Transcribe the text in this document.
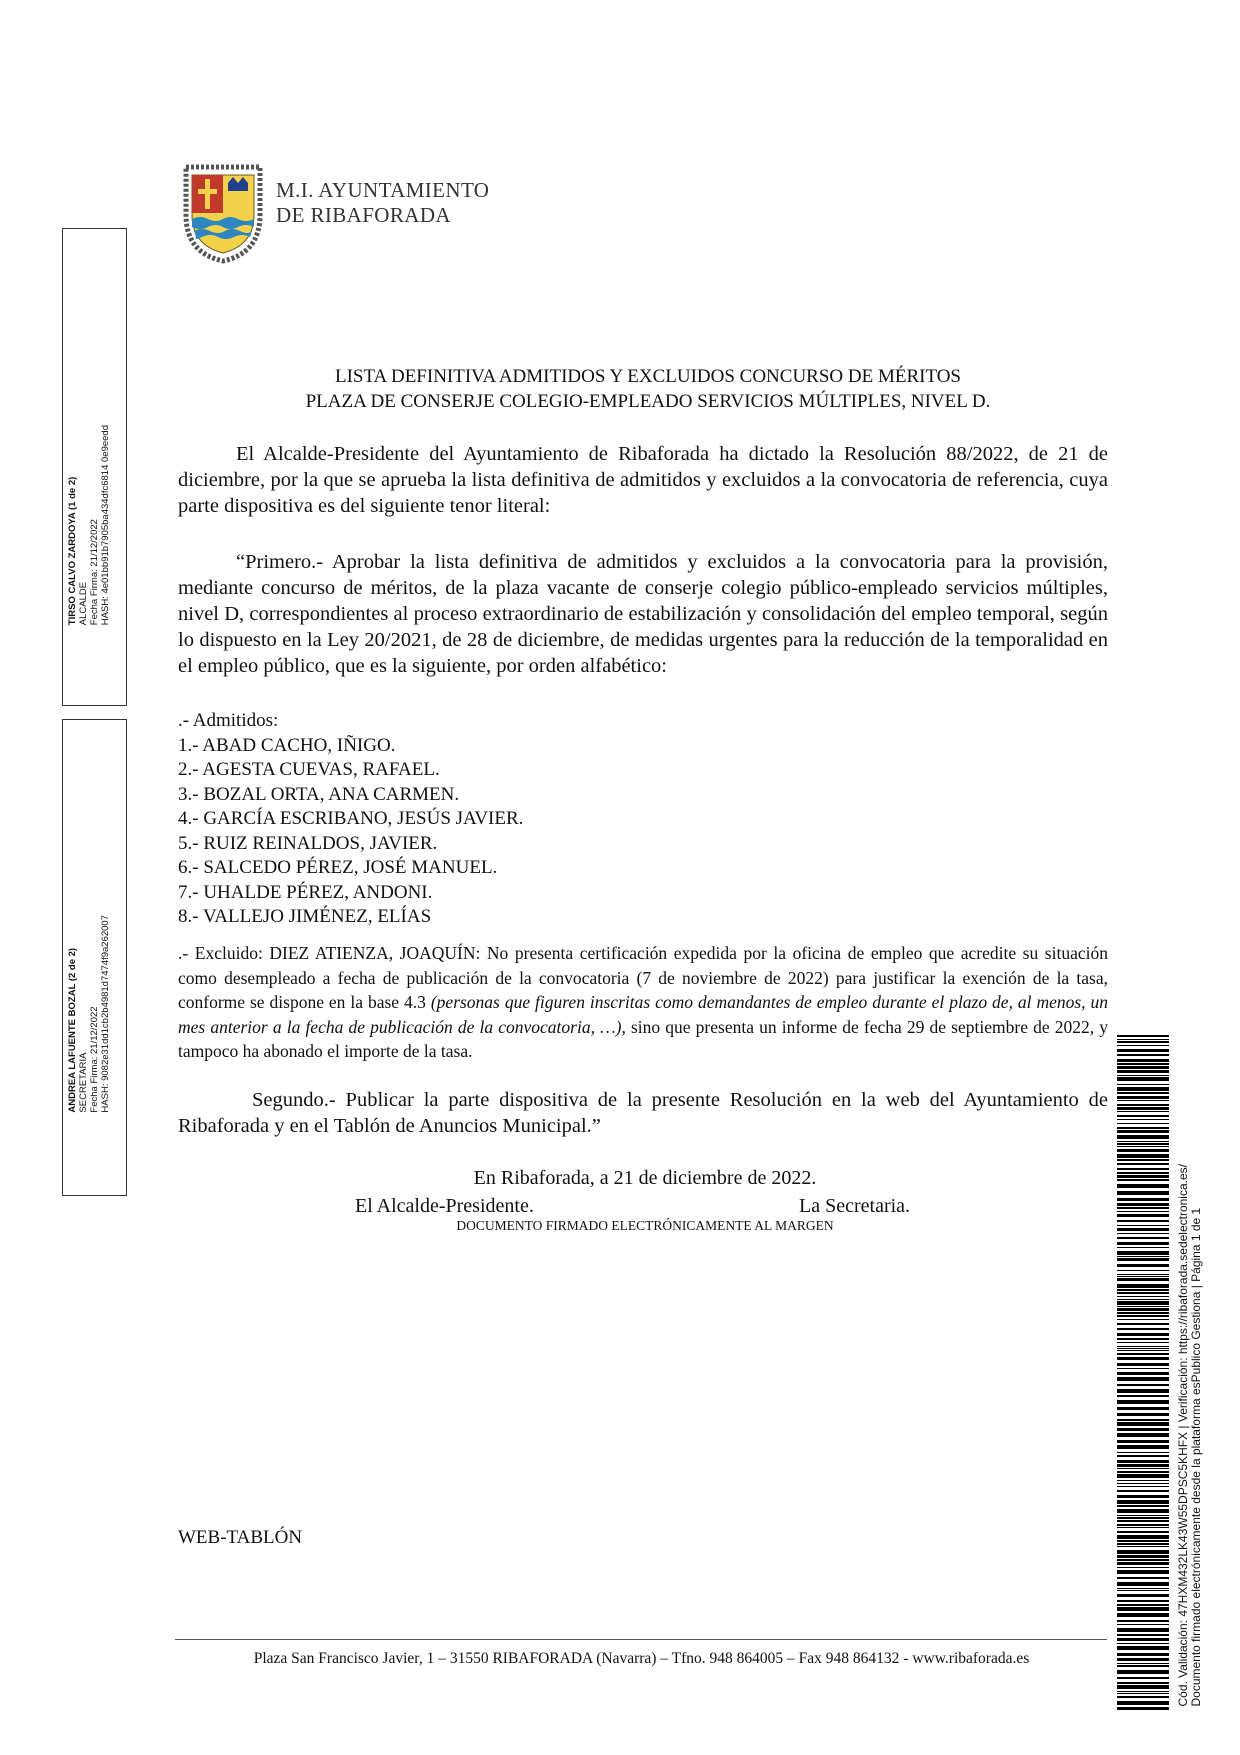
M.I. AYUNTAMIENTO
DE RIBAFORADA
LISTA DEFINITIVA ADMITIDOS Y EXCLUIDOS CONCURSO DE MÉRITOS
PLAZA DE CONSERJE COLEGIO-EMPLEADO SERVICIOS MÚLTIPLES, NIVEL D.
El Alcalde-Presidente del Ayuntamiento de Ribaforada ha dictado la Resolución 88/2022, de 21 de diciembre, por la que se aprueba la lista definitiva de admitidos y excluidos a la convocatoria de referencia, cuya parte dispositiva es del siguiente tenor literal:
“Primero.- Aprobar la lista definitiva de admitidos y excluidos a la convocatoria para la provisión, mediante concurso de méritos, de la plaza vacante de conserje colegio público-empleado servicios múltiples, nivel D, correspondientes al proceso extraordinario de estabilización y consolidación del empleo temporal, según lo dispuesto en la Ley 20/2021, de 28 de diciembre, de medidas urgentes para la reducción de la temporalidad en el empleo público, que es la siguiente, por orden alfabético:
.- Admitidos:
1.- ABAD CACHO, IÑIGO.
2.- AGESTA CUEVAS, RAFAEL.
3.- BOZAL ORTA, ANA CARMEN.
4.- GARCÍA ESCRIBANO, JESÚS JAVIER.
5.- RUIZ REINALDOS, JAVIER.
6.- SALCEDO PÉREZ, JOSÉ MANUEL.
7.- UHALDE PÉREZ, ANDONI.
8.- VALLEJO JIMÉNEZ, ELÍAS
.- Excluido: DIEZ ATIENZA, JOAQUÍN: No presenta certificación expedida por la oficina de empleo que acredite su situación como desempleado a fecha de publicación de la convocatoria (7 de noviembre de 2022) para justificar la exención de la tasa, conforme se dispone en la base 4.3 (personas que figuren inscritas como demandantes de empleo durante el plazo de, al menos, un mes anterior a la fecha de publicación de la convocatoria, …), sino que presenta un informe de fecha 29 de septiembre de 2022, y tampoco ha abonado el importe de la tasa.
Segundo.- Publicar la parte dispositiva de la presente Resolución en la web del Ayuntamiento de Ribaforada y en el Tablón de Anuncios Municipal.”
En Ribaforada, a 21 de diciembre de 2022.
El Alcalde-Presidente.	La Secretaria.
DOCUMENTO FIRMADO ELECTRÓNICAMENTE AL MARGEN
WEB-TABLÓN
Plaza San Francisco Javier, 1 – 31550 RIBAFORADA (Navarra) – Tfno. 948 864005 – Fax 948 864132 - www.ribaforada.es
TIRSO CALVO ZARDOYA (1 de 2) ALCALDE Fecha Firma: 21/12/2022 HASH: 4e01bb91b7905ba434dfc6814 0e9eedd
ANDREA LAFUENTE BOZAL (2 de 2) SECRETARIA Fecha Firma: 21/12/2022 HASH: 9082e31dd1cb2b4981d7474f9a262007
Cód. Validación: 47HXM432LK43W55DPSC5KHFX | Verificación: https://ribaforada.sedelectronica.es/ Documento firmado electrónicamente desde la plataforma esPublico Gestiona | Página 1 de 1
